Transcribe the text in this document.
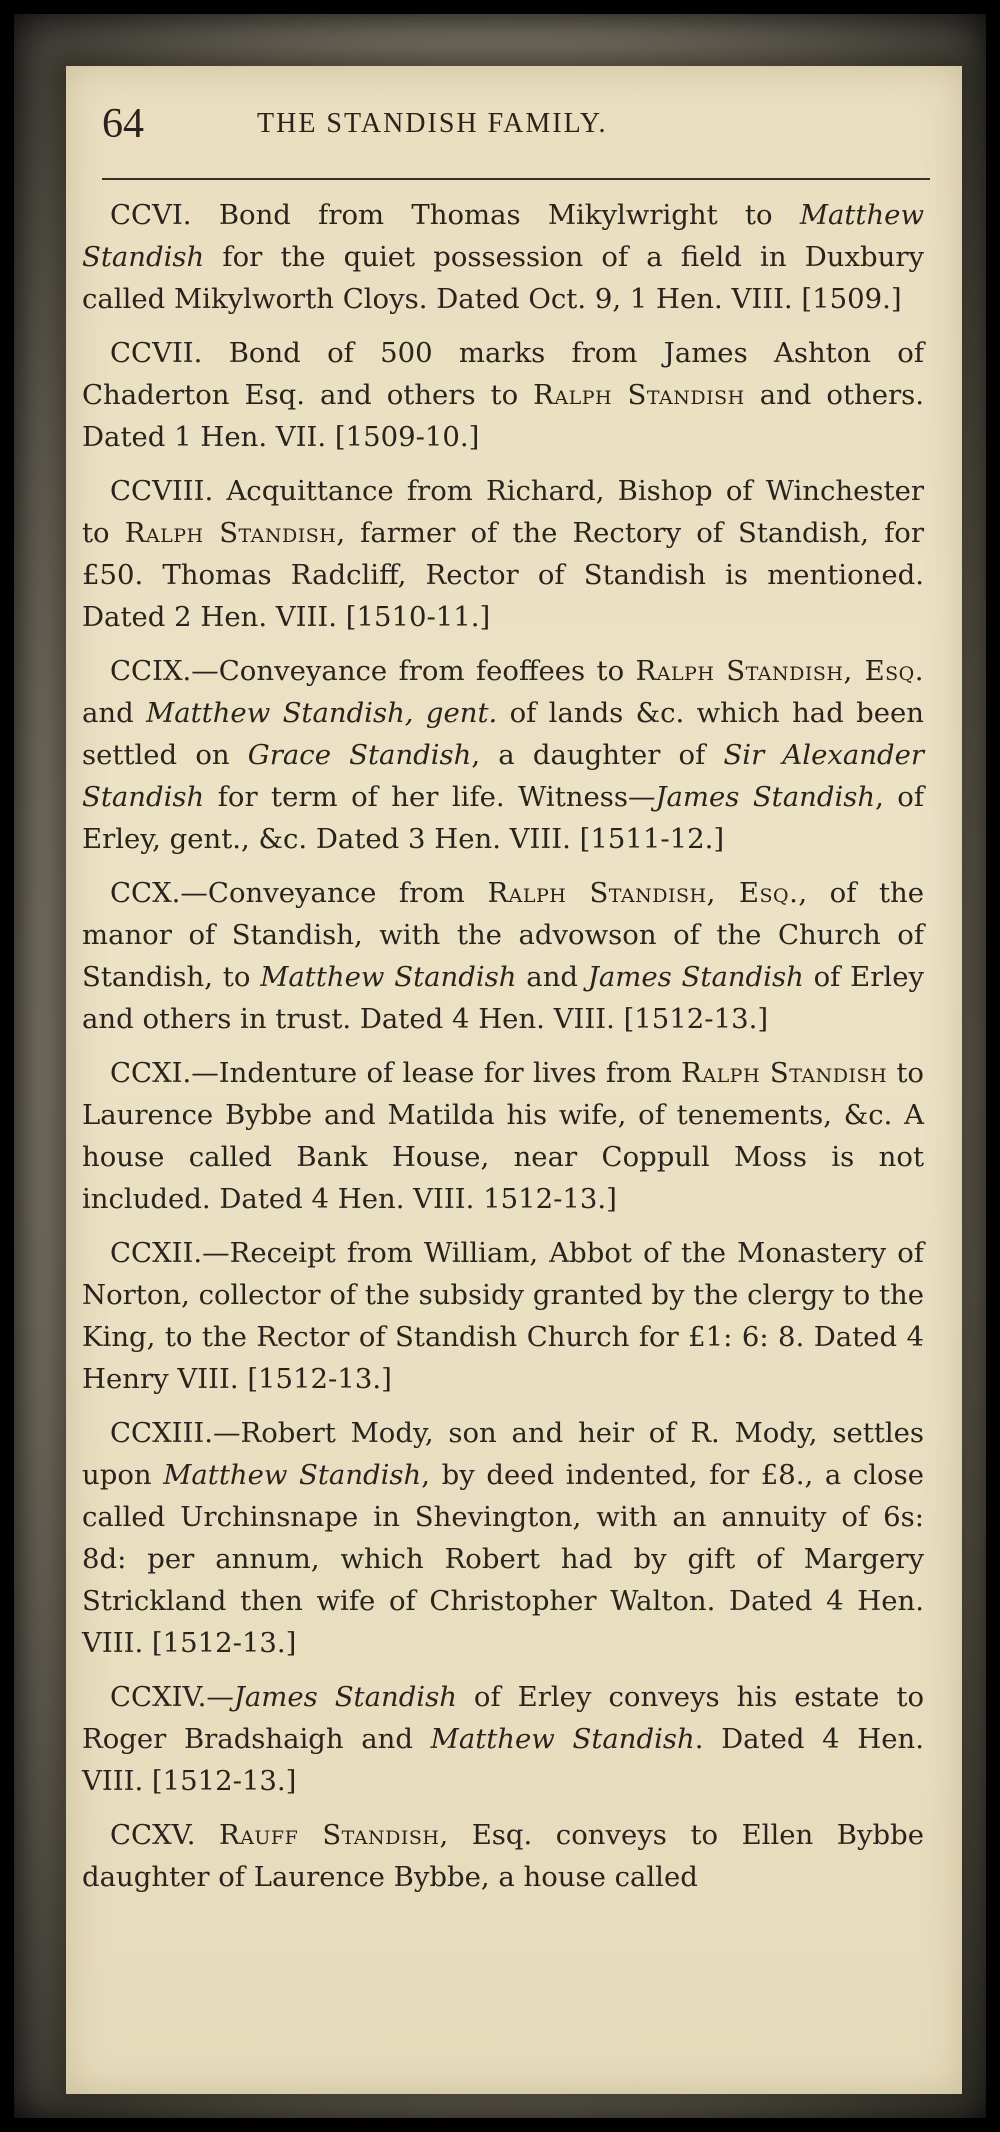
64	THE STANDISH FAMILY.

CCVI. Bond from Thomas Mikylwright to Matthew Standish for the quiet possession of a field in Duxbury called Mikylworth Cloys. Dated Oct. 9, 1 Hen. VIII. [1509.]

CCVII. Bond of 500 marks from James Ashton of Chaderton Esq. and others to Ralph Standish and others. Dated 1 Hen. VII. [1509-10.]

CCVIII. Acquittance from Richard, Bishop of Winchester to Ralph Standish, farmer of the Rectory of Standish, for £50. Thomas Radcliff, Rector of Standish is mentioned. Dated 2 Hen. VIII. [1510-11.]

CCIX.—Conveyance from feoffees to Ralph Standish, Esq. and Matthew Standish, gent. of lands &c. which had been settled on Grace Standish, a daughter of Sir Alexander Standish for term of her life. Witness—James Standish, of Erley, gent., &c. Dated 3 Hen. VIII. [1511-12.]

CCX.—Conveyance from Ralph Standish, Esq., of the manor of Standish, with the advowson of the Church of Standish, to Matthew Standish and James Standish of Erley and others in trust. Dated 4 Hen. VIII. [1512-13.]

CCXI.—Indenture of lease for lives from Ralph Standish to Laurence Bybbe and Matilda his wife, of tenements, &c. A house called Bank House, near Coppull Moss is not included. Dated 4 Hen. VIII. 1512-13.]

CCXII.—Receipt from William, Abbot of the Monastery of Norton, collector of the subsidy granted by the clergy to the King, to the Rector of Standish Church for £1: 6: 8. Dated 4 Henry VIII. [1512-13.]

CCXIII.—Robert Mody, son and heir of R. Mody, settles upon Matthew Standish, by deed indented, for £8., a close called Urchinsnape in Shevington, with an annuity of 6s: 8d: per annum, which Robert had by gift of Margery Strickland then wife of Christopher Walton. Dated 4 Hen. VIII. [1512-13.]

CCXIV.—James Standish of Erley conveys his estate to Roger Bradshaigh and Matthew Standish. Dated 4 Hen. VIII. [1512-13.]

CCXV. Rauff Standish, Esq. conveys to Ellen Bybbe daughter of Laurence Bybbe, a house called
